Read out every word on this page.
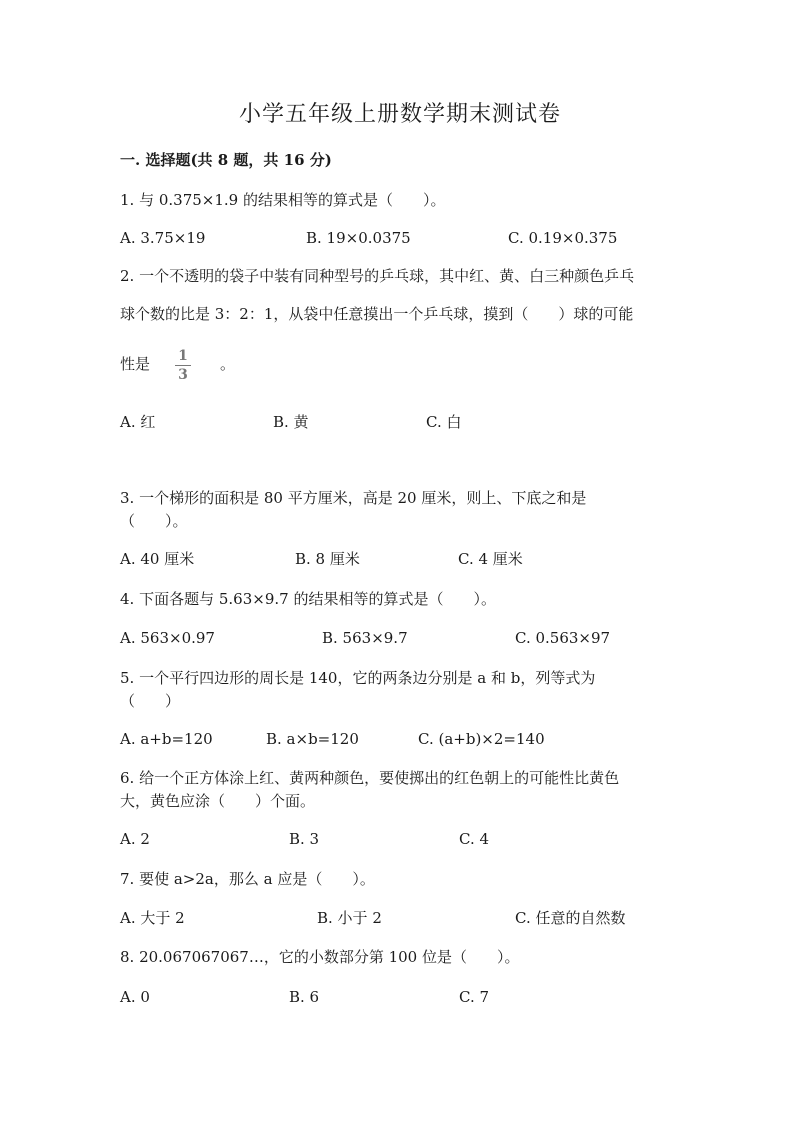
小学五年级上册数学期末测试卷
一. 选择题(共 8 题，共 16 分)
1. 与 0.375×1.9 的结果相等的算式是（　　）。
A. 3.75×19	B. 19×0.0375	C. 0.19×0.375
2. 一个不透明的袋子中装有同种型号的乒乓球，其中红、黄、白三种颜色乒乓
球个数的比是 3：2：1，从袋中任意摸出一个乒乓球，摸到（　　）球的可能
性是 1
3
。
A. 红	B. 黄	C. 白
3. 一个梯形的面积是 80 平方厘米，高是 20 厘米，则上、下底之和是
（　　）。
A. 40 厘米	B. 8 厘米	C. 4 厘米
4. 下面各题与 5.63×9.7 的结果相等的算式是（　　）。
A. 563×0.97	B. 563×9.7	C. 0.563×97
5. 一个平行四边形的周长是 140，它的两条边分别是 a 和 b，列等式为
（　　）
A. a+b=120	B. a×b=120	C. (a+b)×2=140
6. 给一个正方体涂上红、黄两种颜色，要使掷出的红色朝上的可能性比黄色
大，黄色应涂（　　）个面。
A. 2	B. 3	C. 4
7. 要使 a>2a，那么 a 应是（　　）。
A. 大于 2	B. 小于 2	C. 任意的自然数
8. 20.067067067…，它的小数部分第 100 位是（　　）。
A. 0	B. 6	C. 7
